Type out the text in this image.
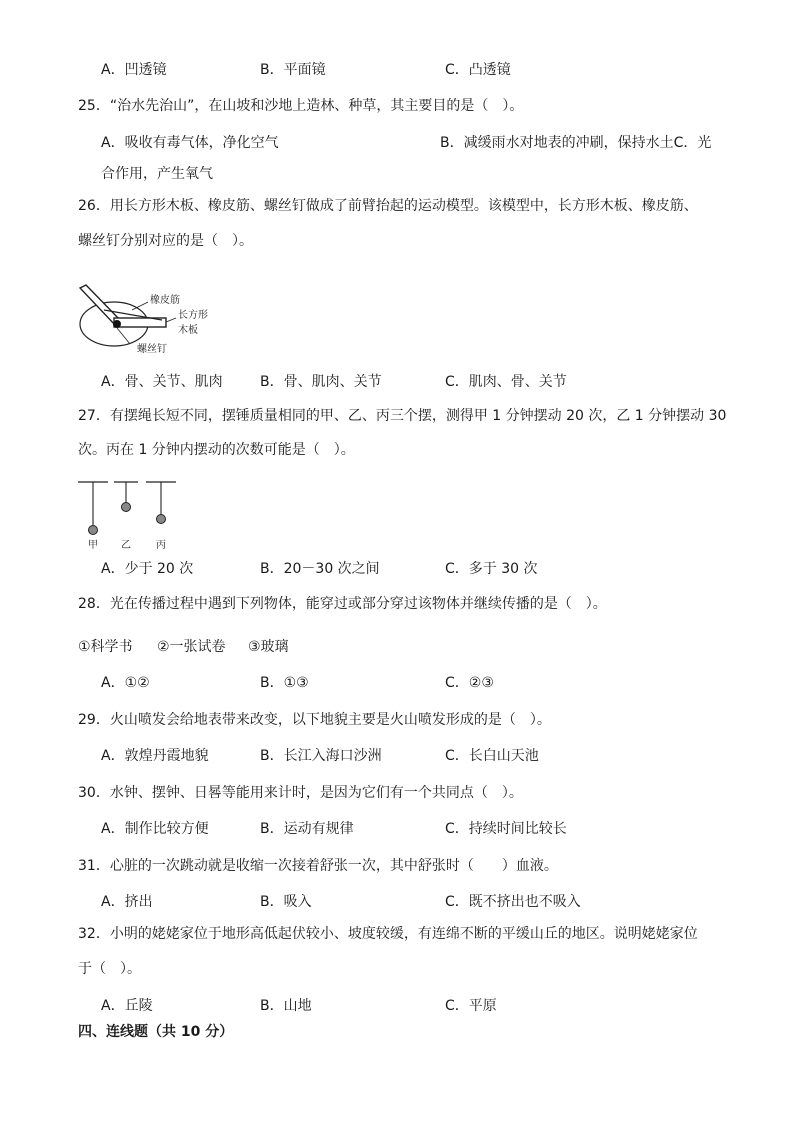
A．凹透镜	B．平面镜	C．凸透镜
25．“治水先治山”，在山坡和沙地上造林、种草，其主要目的是（　）。
A．吸收有毒气体，净化空气	B．减缓雨水对地表的冲刷，保持水土C．光
合作用，产生氧气
26．用长方形木板、橡皮筋、螺丝钉做成了前臂抬起的运动模型。该模型中，长方形木板、橡皮筋、
螺丝钉分别对应的是（　）。
橡皮筋
长方形
木板
螺丝钉
A．骨、关节、肌肉	B．骨、肌肉、关节	C．肌肉、骨、关节
27．有摆绳长短不同，摆锤质量相同的甲、乙、丙三个摆，测得甲 1 分钟摆动 20 次，乙 1 分钟摆动 30
次。丙在 1 分钟内摆动的次数可能是（　）。
甲 乙	丙
A．少于 20 次	B．20－30 次之间	C．多于 30 次
28．光在传播过程中遇到下列物体，能穿过或部分穿过该物体并继续传播的是（　）。
①科学书 ②一张试卷 ③玻璃
A．①②	B．①③	C．②③
29．火山喷发会给地表带来改变，以下地貌主要是火山喷发形成的是（　）。
A．敦煌丹霞地貌	B．长江入海口沙洲	C．长白山天池
30．水钟、摆钟、日晷等能用来计时，是因为它们有一个共同点（　）。
A．制作比较方便	B．运动有规律	C．持续时间比较长
31．心脏的一次跳动就是收缩一次接着舒张一次，其中舒张时（　　）血液。
A．挤出	B．吸入	C．既不挤出也不吸入
32．小明的姥姥家位于地形高低起伏较小、坡度较缓，有连绵不断的平缓山丘的地区。说明姥姥家位
于（　）。
A．丘陵	B．山地	C．平原
四、连线题（共 10 分）
